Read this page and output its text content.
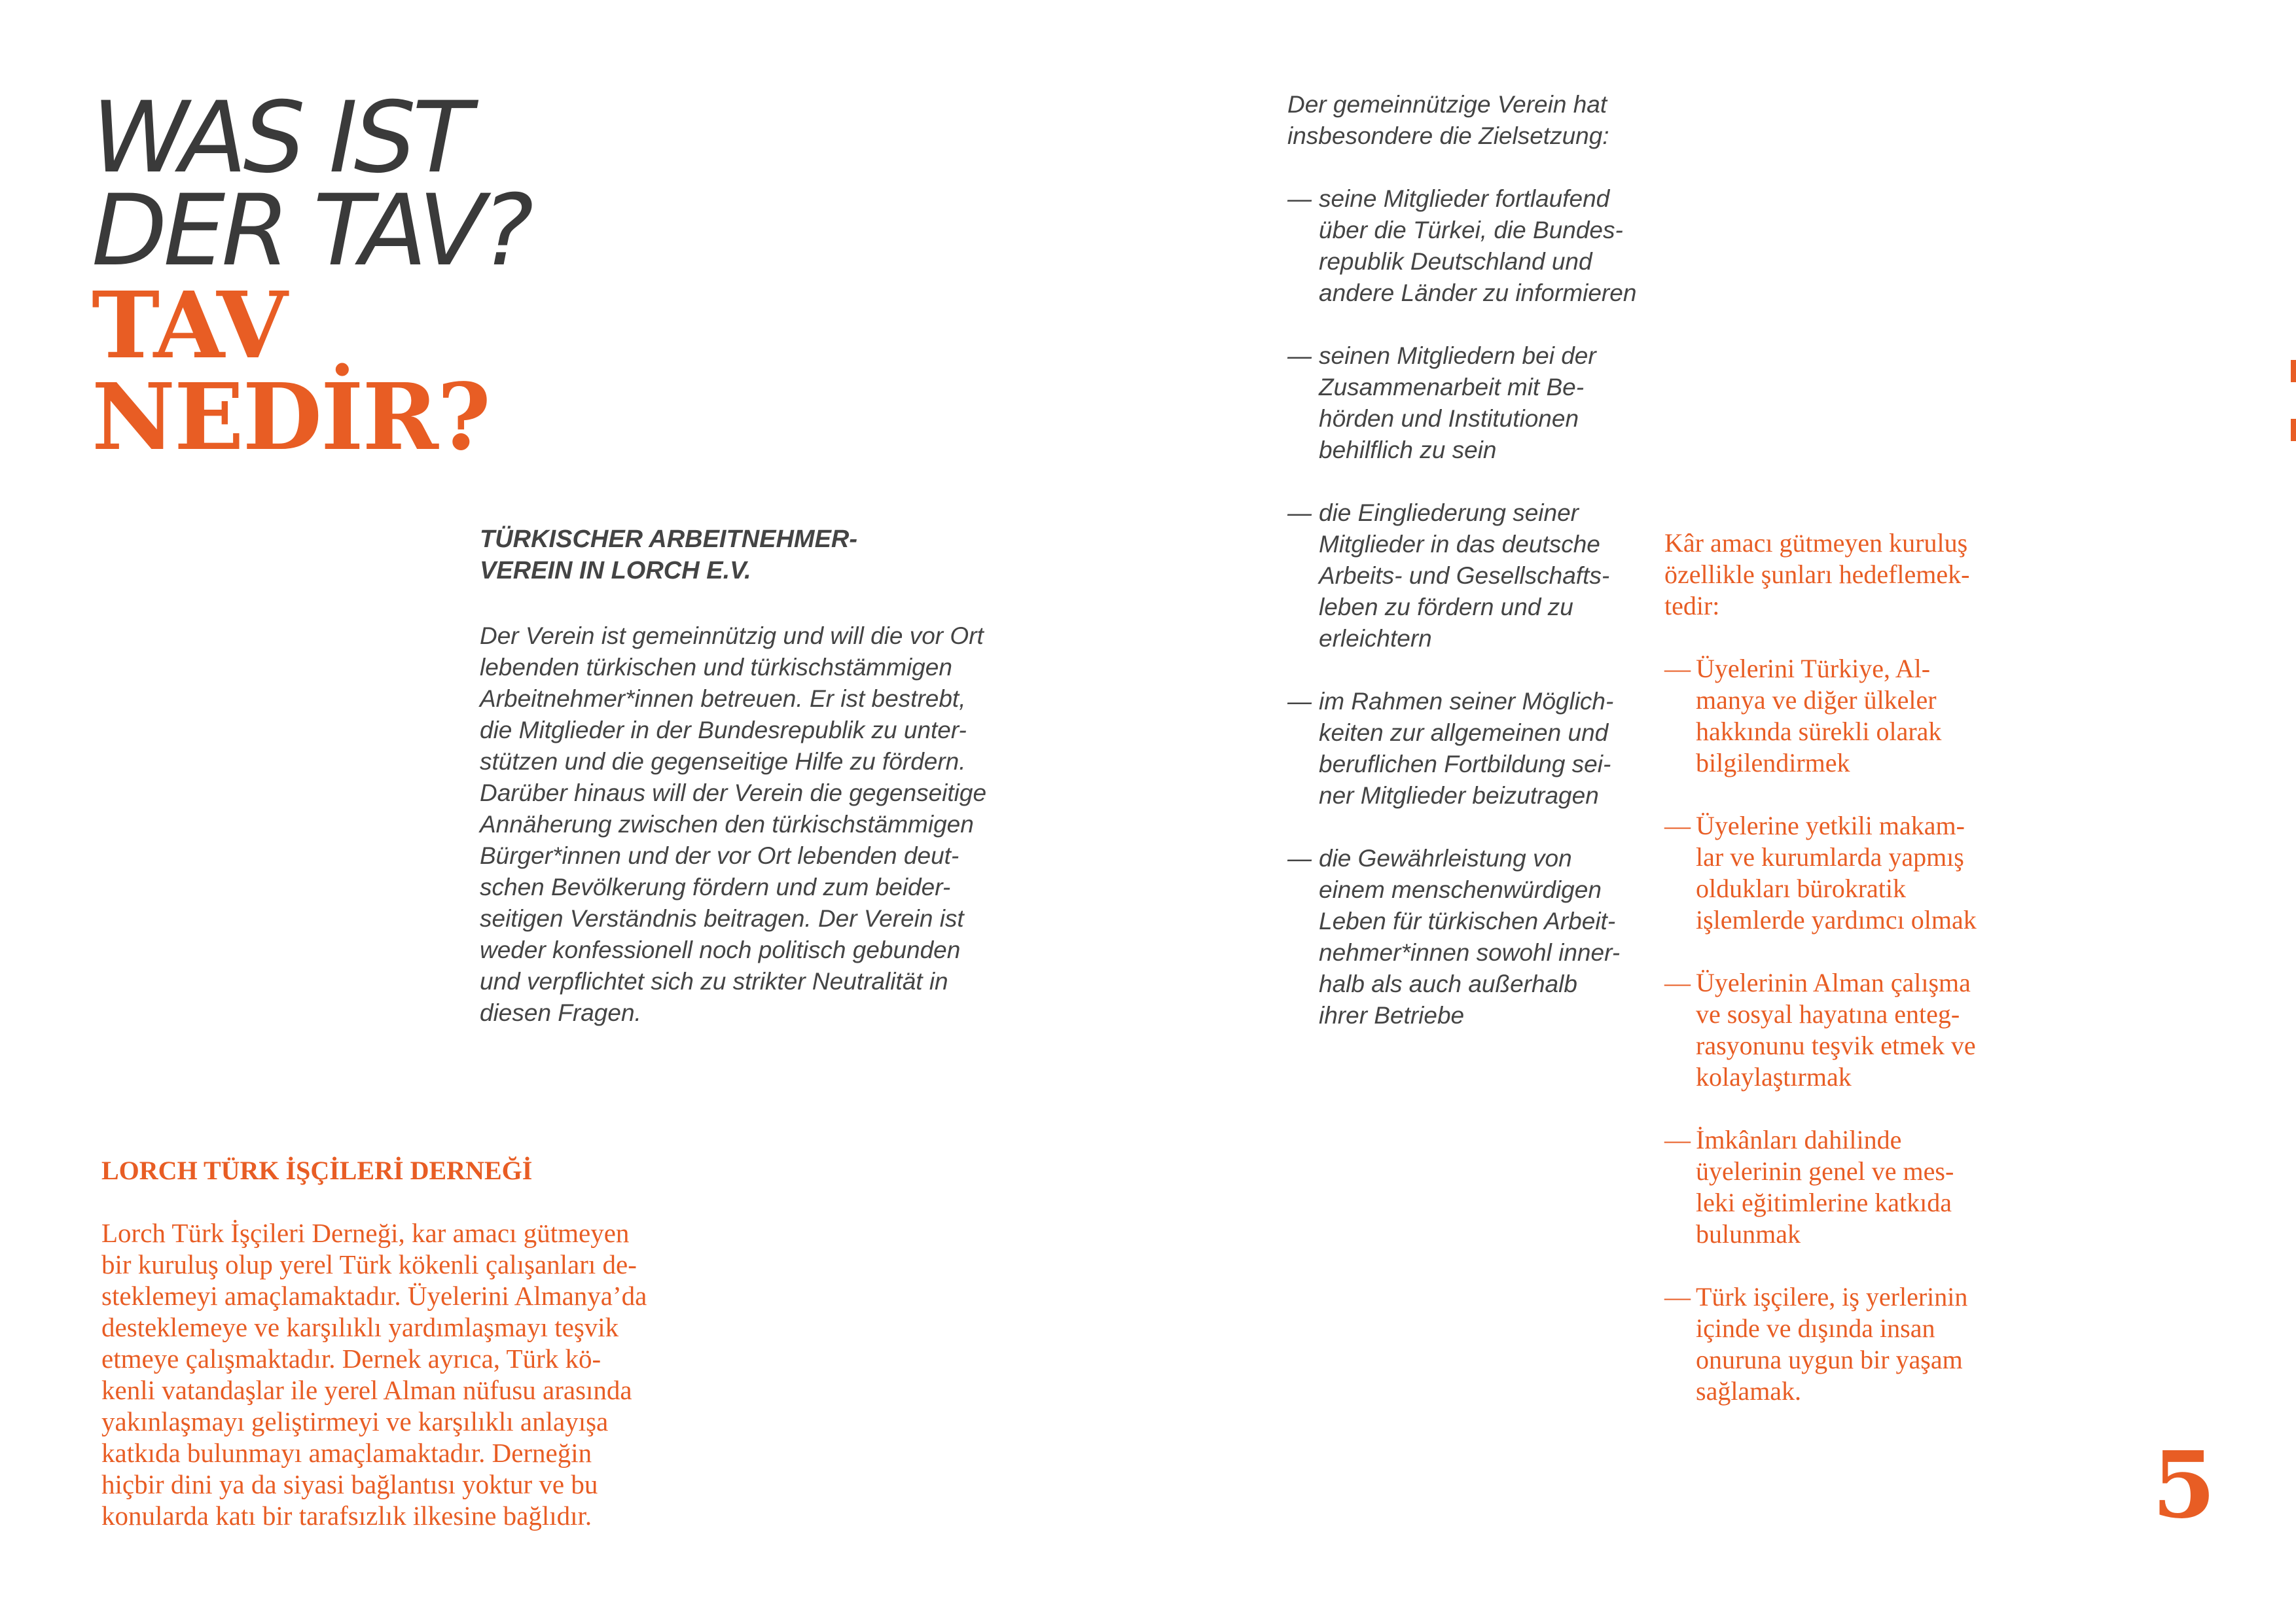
WAS IST
DER TAV?
TAV
NEDİR?
TÜRKISCHER ARBEITNEHMER-
VEREIN IN LORCH E.V.
Der Verein ist gemeinnützig und will die vor Ort
lebenden türkischen und türkischstämmigen
Arbeitnehmer*innen betreuen. Er ist bestrebt,
die Mitglieder in der Bundesrepublik zu unter-
stützen und die gegenseitige Hilfe zu fördern.
Darüber hinaus will der Verein die gegenseitige
Annäherung zwischen den türkischstämmigen
Bürger*innen und der vor Ort lebenden deut-
schen Bevölkerung fördern und zum beider-
seitigen Verständnis beitragen. Der Verein ist
weder konfessionell noch politisch gebunden
und verpflichtet sich zu strikter Neutralität in
diesen Fragen.
LORCH TÜRK İŞÇİLERİ DERNEĞİ
Lorch Türk İşçileri Derneği, kar amacı gütmeyen
bir kuruluş olup yerel Türk kökenli çalışanları de-
steklemeyi amaçlamaktadır. Üyelerini Almanya’da
desteklemeye ve karşılıklı yardımlaşmayı teşvik
etmeye çalışmaktadır. Dernek ayrıca, Türk kö-
kenli vatandaşlar ile yerel Alman nüfusu arasında
yakınlaşmayı geliştirmeyi ve karşılıklı anlayışa
katkıda bulunmayı amaçlamaktadır. Derneğin
hiçbir dini ya da siyasi bağlantısı yoktur ve bu
konularda katı bir tarafsızlık ilkesine bağlıdır.

Der gemeinnützige Verein hat
insbesondere die Zielsetzung:

— seine Mitglieder fortlaufend
über die Türkei, die Bundes-
republik Deutschland und
andere Länder zu informieren
— seinen Mitgliedern bei der
Zusammenarbeit mit Be-
hörden und Institutionen
behilflich zu sein
— die Eingliederung seiner
Mitglieder in das deutsche
Arbeits- und Gesellschafts-
leben zu fördern und zu
erleichtern
— im Rahmen seiner Möglich-
keiten zur allgemeinen und
beruflichen Fortbildung sei-
ner Mitglieder beizutragen
— die Gewährleistung von
einem menschenwürdigen
Leben für türkischen Arbeit-
nehmer*innen sowohl inner-
halb als auch außerhalb
ihrer Betriebe

Kâr amacı gütmeyen kuruluş
özellikle şunları hedeflemek-
tedir:

— Üyelerini Türkiye, Al-
manya ve diğer ülkeler
hakkında sürekli olarak
bilgilendirmek
— Üyelerine yetkili makam-
lar ve kurumlarda yapmış
oldukları bürokratik
işlemlerde yardımcı olmak
— Üyelerinin Alman çalışma
ve sosyal hayatına enteg-
rasyonunu teşvik etmek ve
kolaylaştırmak
— İmkânları dahilinde
üyelerinin genel ve mes-
leki eğitimlerine katkıda
bulunmak
— Türk işçilere, iş yerlerinin
içinde ve dışında insan
onuruna uygun bir yaşam
sağlamak.
5
